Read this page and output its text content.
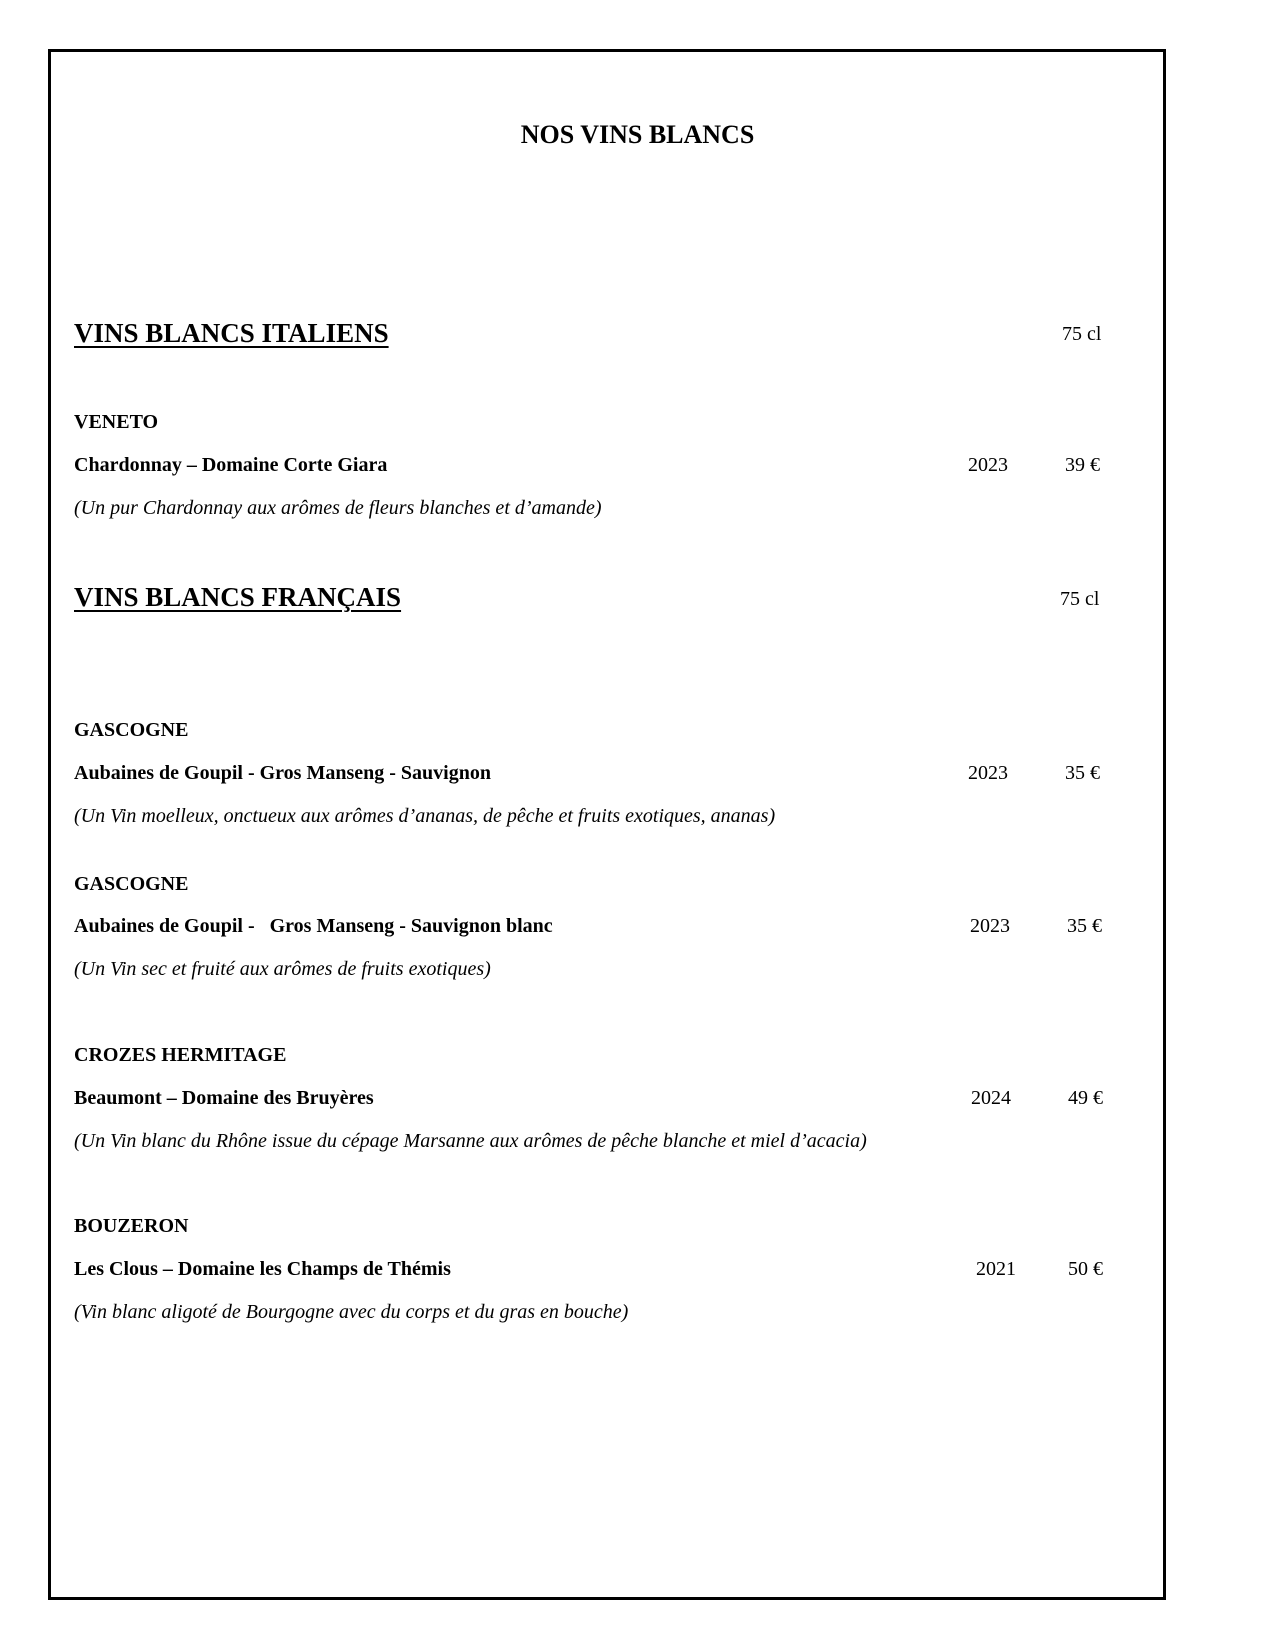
NOS VINS BLANCS
VINS BLANCS ITALIENS	75 cl
VENETO
Chardonnay – Domaine Corte Giara	2023	39 €
(Un pur Chardonnay aux arômes de fleurs blanches et d’amande)
VINS BLANCS FRANÇAIS	75 cl
GASCOGNE
Aubaines de Goupil - Gros Manseng - Sauvignon	2023	35 €
(Un Vin moelleux, onctueux aux arômes d’ananas, de pêche et fruits exotiques, ananas)
GASCOGNE
Aubaines de Goupil -   Gros Manseng - Sauvignon blanc	2023	35 €
(Un Vin sec et fruité aux arômes de fruits exotiques)
CROZES HERMITAGE
Beaumont – Domaine des Bruyères	2024	49 €
(Un Vin blanc du Rhône issue du cépage Marsanne aux arômes de pêche blanche et miel d’acacia)
BOUZERON
Les Clous – Domaine les Champs de Thémis	2021	50 €
(Vin blanc aligoté de Bourgogne avec du corps et du gras en bouche)
